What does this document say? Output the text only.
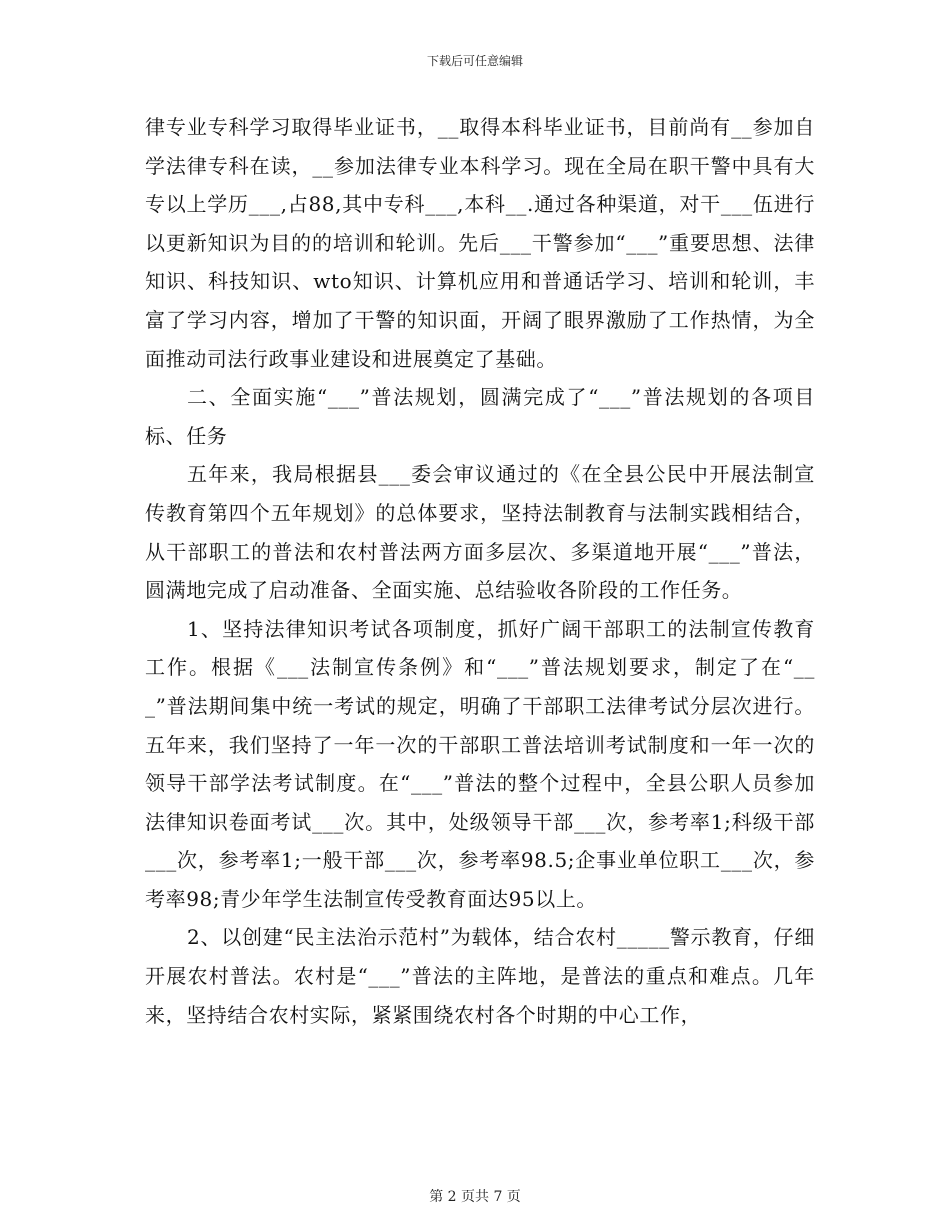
下载后可任意编辑

律专业专科学习取得毕业证书，__取得本科毕业证书，目前尚有__参加自学法律专科在读，__参加法律专业本科学习。现在全局在职干警中具有大专以上学历___,占88,其中专科___,本科__.通过各种渠道，对干___伍进行以更新知识为目的的培训和轮训。先后___干警参加“___”重要思想、法律知识、科技知识、wto知识、计算机应用和普通话学习、培训和轮训，丰富了学习内容，增加了干警的知识面，开阔了眼界激励了工作热情，为全面推动司法行政事业建设和进展奠定了基础。

二、全面实施“___”普法规划，圆满完成了“___”普法规划的各项目标、任务

五年来，我局根据县___委会审议通过的《在全县公民中开展法制宣传教育第四个五年规划》的总体要求，坚持法制教育与法制实践相结合，从干部职工的普法和农村普法两方面多层次、多渠道地开展“___”普法，圆满地完成了启动准备、全面实施、总结验收各阶段的工作任务。

1、坚持法律知识考试各项制度，抓好广阔干部职工的法制宣传教育工作。根据《___法制宣传条例》和“___”普法规划要求，制定了在“___”普法期间集中统一考试的规定，明确了干部职工法律考试分层次进行。五年来，我们坚持了一年一次的干部职工普法培训考试制度和一年一次的领导干部学法考试制度。在“___”普法的整个过程中，全县公职人员参加法律知识卷面考试___次。其中，处级领导干部___次，参考率1;科级干部___次，参考率1;一般干部___次，参考率98.5;企事业单位职工___次，参考率98;青少年学生法制宣传受教育面达95以上。

2、以创建“民主法治示范村”为载体，结合农村_____警示教育，仔细开展农村普法。农村是“___”普法的主阵地，是普法的重点和难点。几年来，坚持结合农村实际，紧紧围绕农村各个时期的中心工作，

第 2 页共 7 页
